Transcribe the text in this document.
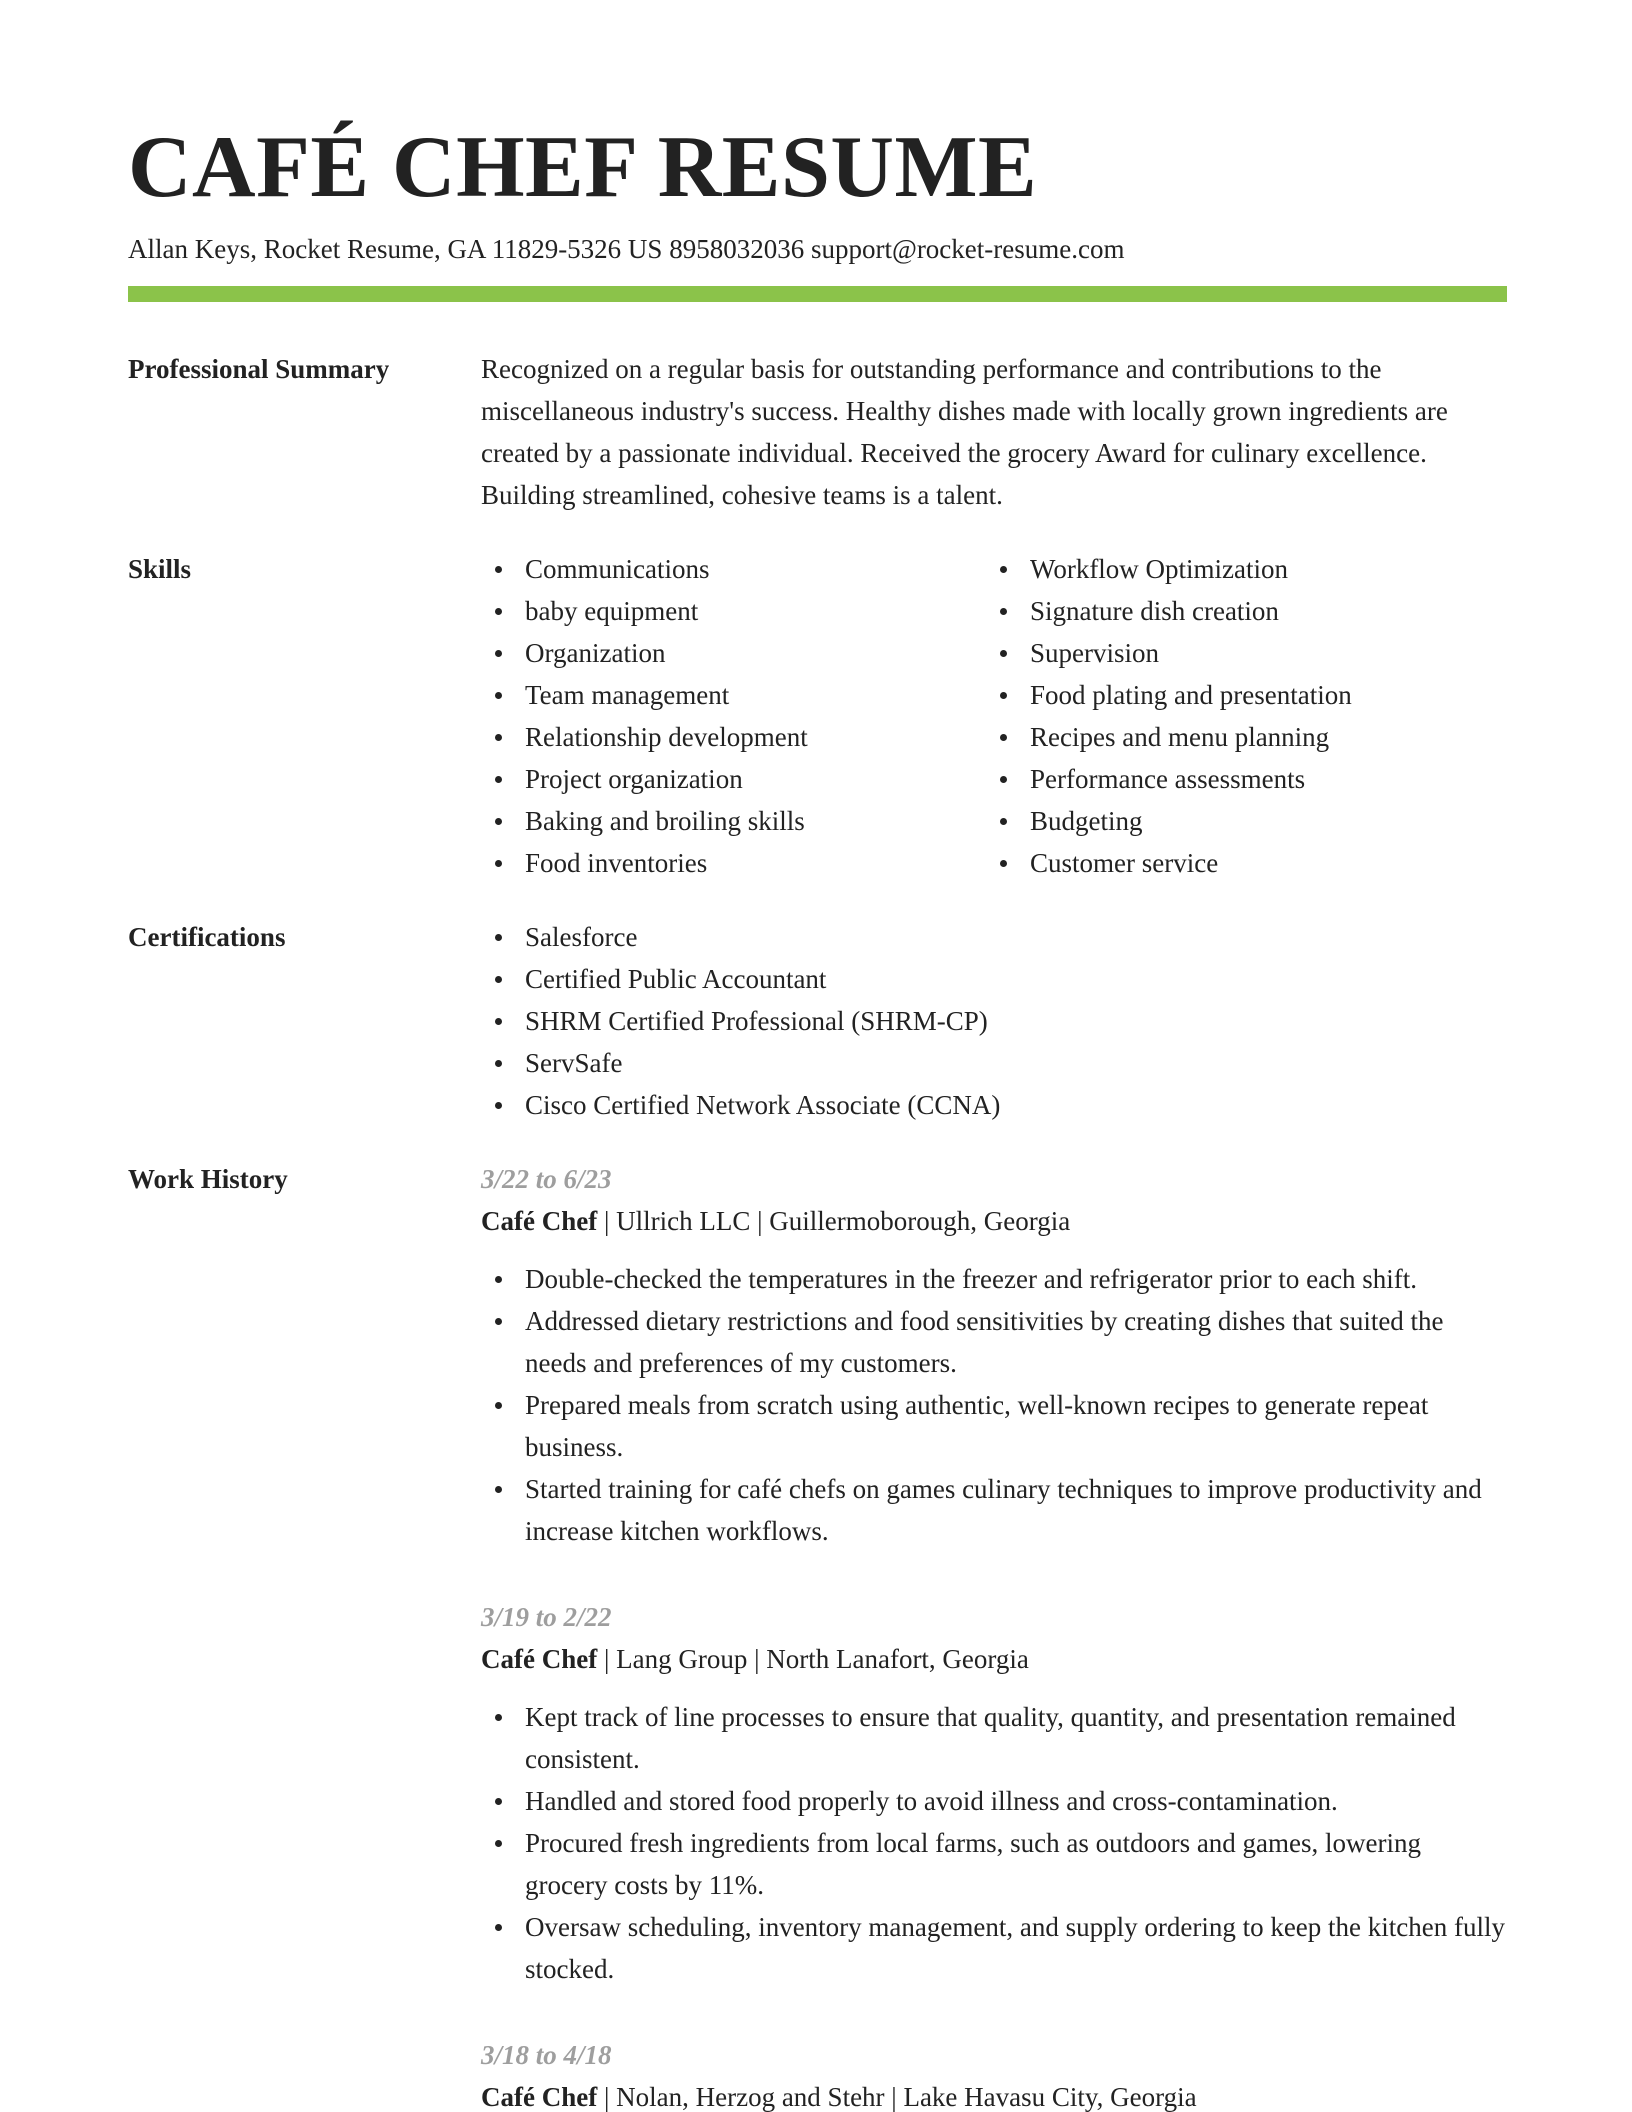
CAFÉ CHEF RESUME
Allan Keys, Rocket Resume, GA 11829-5326 US 8958032036 support@rocket-resume.com
Professional Summary	Recognized on a regular basis for outstanding performance and contributions to the miscellaneous industry's success. Healthy dishes made with locally grown ingredients are created by a passionate individual. Received the grocery Award for culinary excellence. Building streamlined, cohesive teams is a talent.
Skills	Communications
baby equipment
Organization
Team management
Relationship development
Project organization
Baking and broiling skills
Food inventories
Workflow Optimization
Signature dish creation
Supervision
Food plating and presentation
Recipes and menu planning
Performance assessments
Budgeting
Customer service
Certifications	Salesforce
Certified Public Accountant
SHRM Certified Professional (SHRM-CP)
ServSafe
Cisco Certified Network Associate (CCNA)
Work History	3/22 to 6/23
Café Chef | Ullrich LLC | Guillermoborough, Georgia
Double-checked the temperatures in the freezer and refrigerator prior to each shift.
Addressed dietary restrictions and food sensitivities by creating dishes that suited the needs and preferences of my customers.
Prepared meals from scratch using authentic, well-known recipes to generate repeat business.
Started training for café chefs on games culinary techniques to improve productivity and increase kitchen workflows.
3/19 to 2/22
Café Chef | Lang Group | North Lanafort, Georgia
Kept track of line processes to ensure that quality, quantity, and presentation remained consistent.
Handled and stored food properly to avoid illness and cross-contamination.
Procured fresh ingredients from local farms, such as outdoors and games, lowering grocery costs by 11%.
Oversaw scheduling, inventory management, and supply ordering to keep the kitchen fully stocked.
3/18 to 4/18
Café Chef | Nolan, Herzog and Stehr | Lake Havasu City, Georgia
